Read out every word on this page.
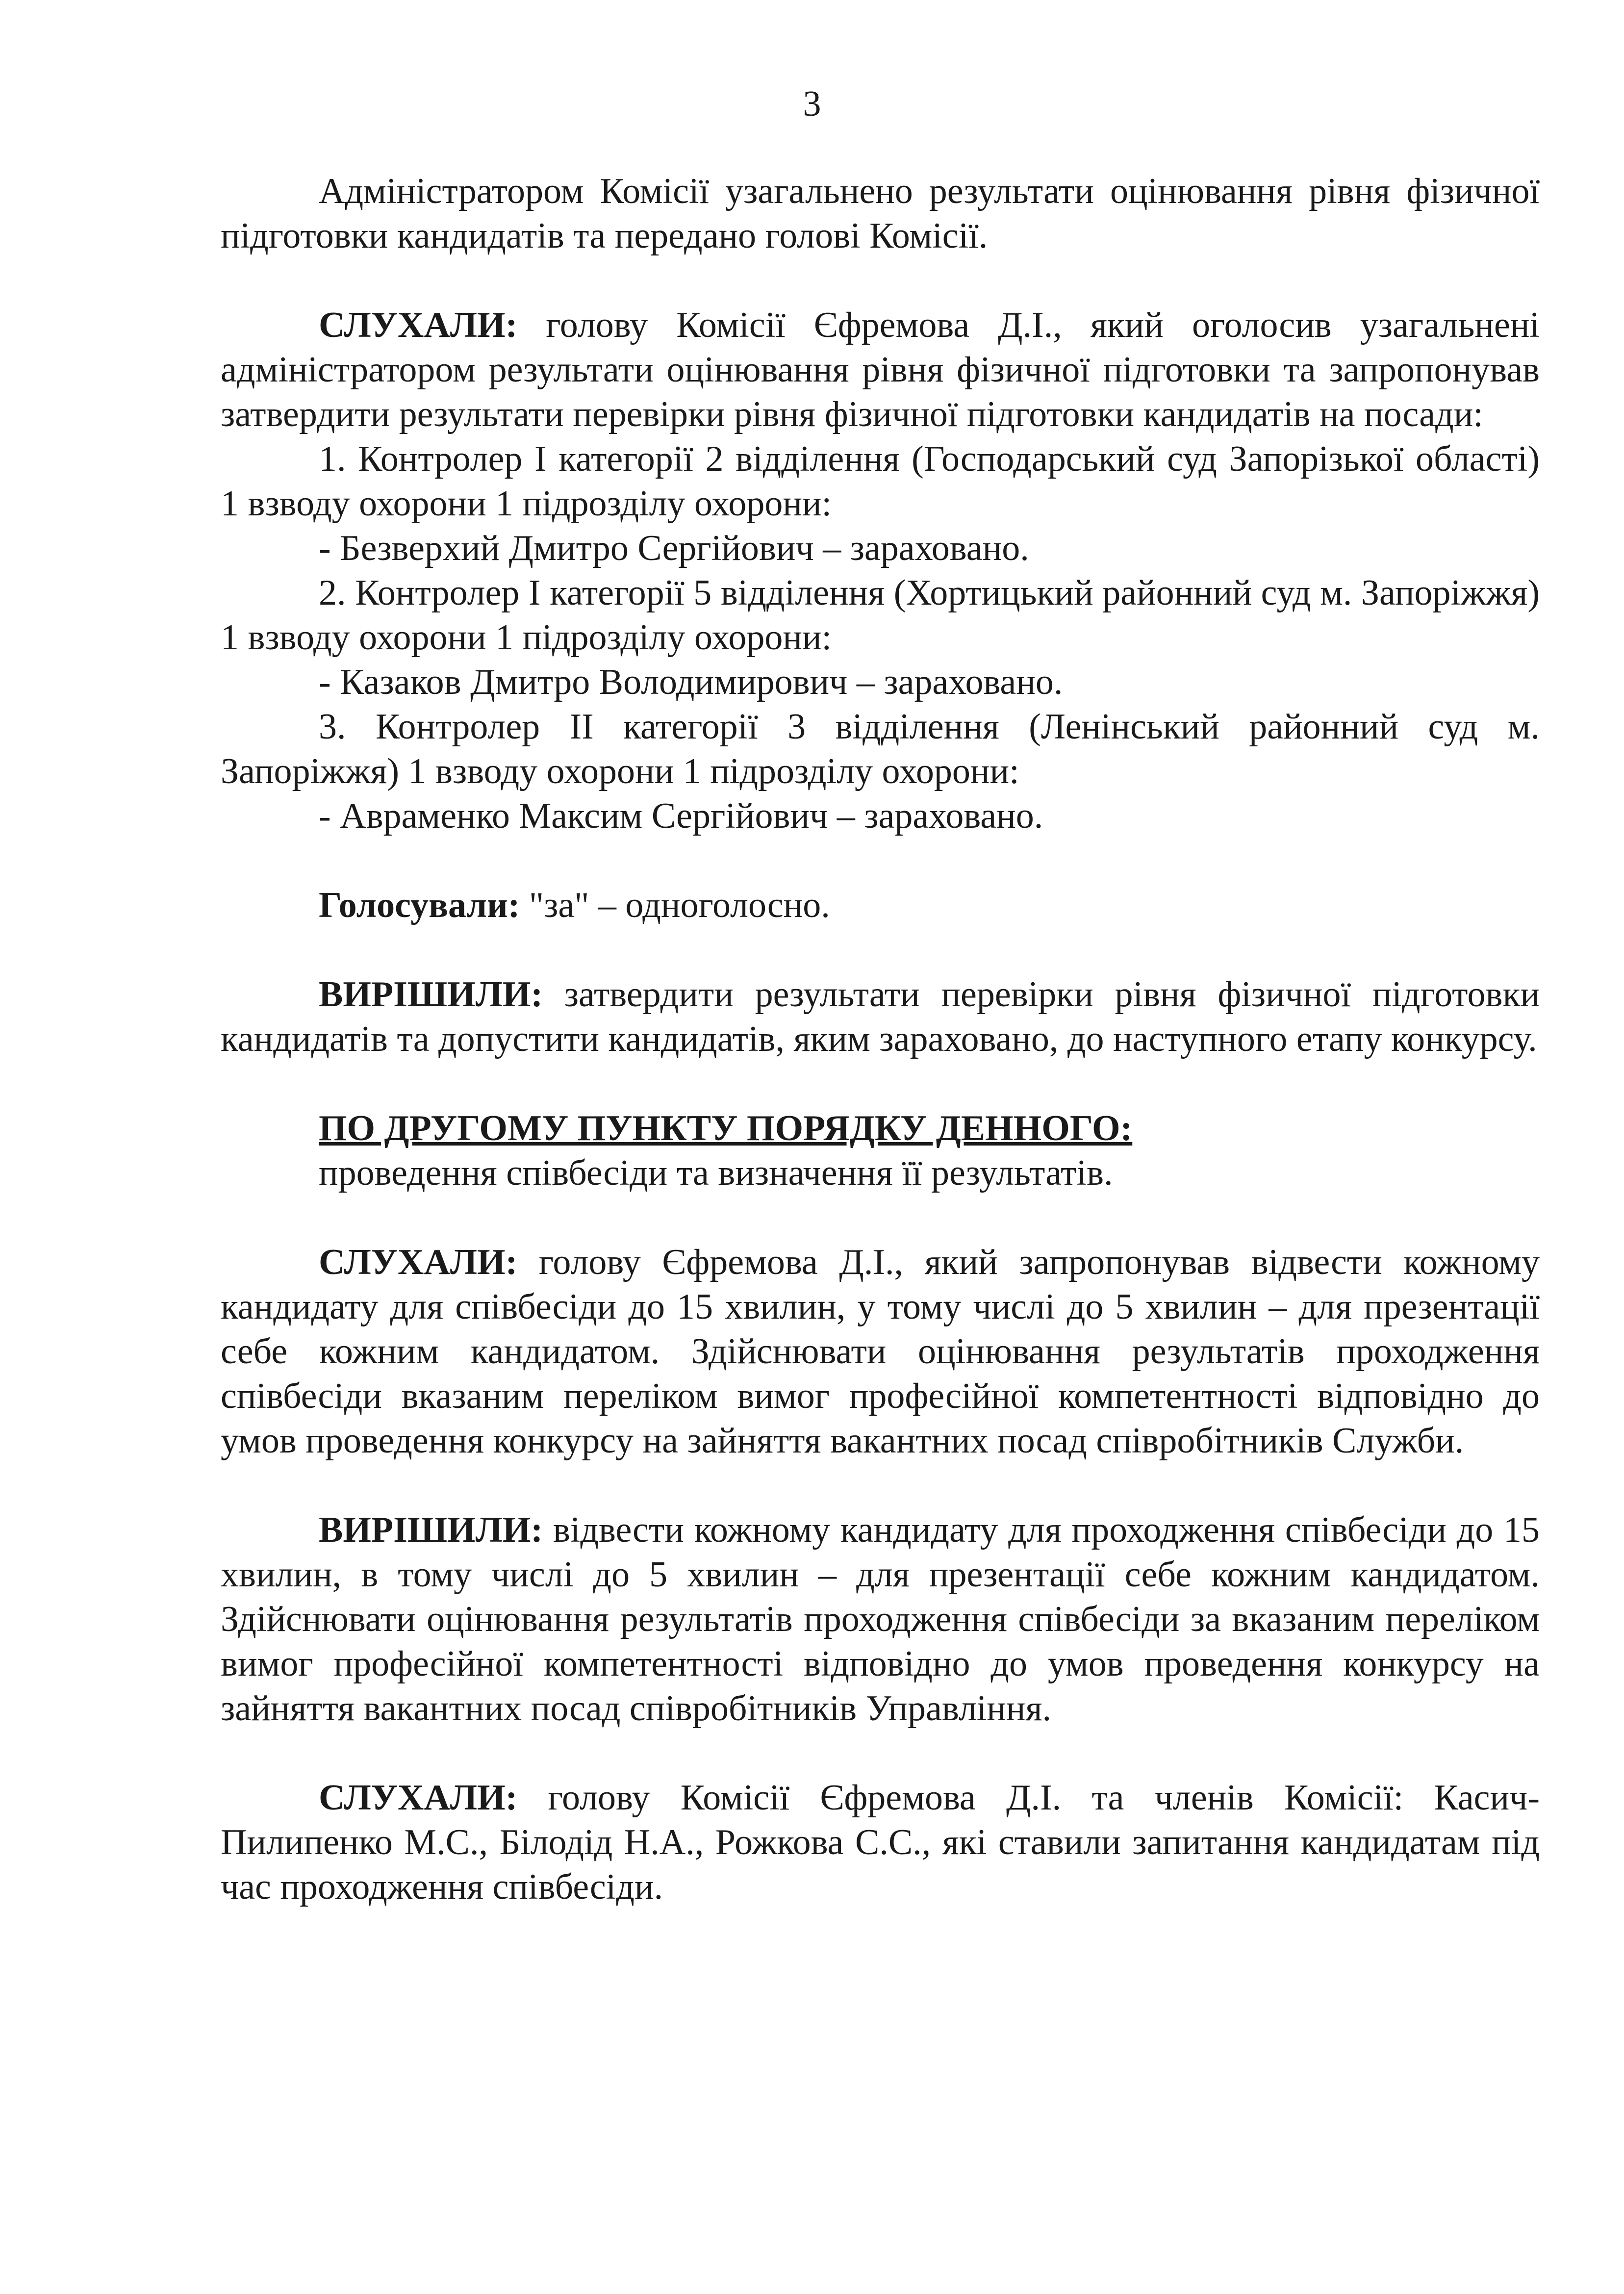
3

Адміністратором Комісії узагальнено результати оцінювання рівня фізичної підготовки кандидатів та передано голові Комісії.

СЛУХАЛИ: голову Комісії Єфремова Д.І., який оголосив узагальнені адміністратором результати оцінювання рівня фізичної підготовки та запропонував затвердити результати перевірки рівня фізичної підготовки кандидатів на посади:

1. Контролер І категорії 2 відділення (Господарський суд Запорізької області) 1 взводу охорони 1 підрозділу охорони:

- Безверхий Дмитро Сергійович – зараховано.

2. Контролер І категорії 5 відділення (Хортицький районний суд м. Запоріжжя) 1 взводу охорони 1 підрозділу охорони:

- Казаков Дмитро Володимирович – зараховано.

3. Контролер ІІ категорії 3 відділення (Ленінський районний суд м. Запоріжжя) 1 взводу охорони 1 підрозділу охорони:

- Авраменко Максим Сергійович – зараховано.

Голосували: "за" – одноголосно.

ВИРІШИЛИ: затвердити результати перевірки рівня фізичної підготовки кандидатів та допустити кандидатів, яким зараховано, до наступного етапу конкурсу.

ПО ДРУГОМУ ПУНКТУ ПОРЯДКУ ДЕННОГО:

проведення співбесіди та визначення її результатів.

СЛУХАЛИ: голову Єфремова Д.І., який запропонував відвести кожному кандидату для співбесіди до 15 хвилин, у тому числі до 5 хвилин – для презентації себе кожним кандидатом. Здійснювати оцінювання результатів проходження співбесіди вказаним переліком вимог професійної компетентності відповідно до умов проведення конкурсу на зайняття вакантних посад співробітників Служби.

ВИРІШИЛИ: відвести кожному кандидату для проходження співбесіди до 15 хвилин, в тому числі до 5 хвилин – для презентації себе кожним кандидатом. Здійснювати оцінювання результатів проходження співбесіди за вказаним переліком вимог професійної компетентності відповідно до умов проведення конкурсу на зайняття вакантних посад співробітників Управління.

СЛУХАЛИ: голову Комісії Єфремова Д.І. та членів Комісії: Касич-Пилипенко М.С., Білодід Н.А., Рожкова С.С., які ставили запитання кандидатам під час проходження співбесіди.
